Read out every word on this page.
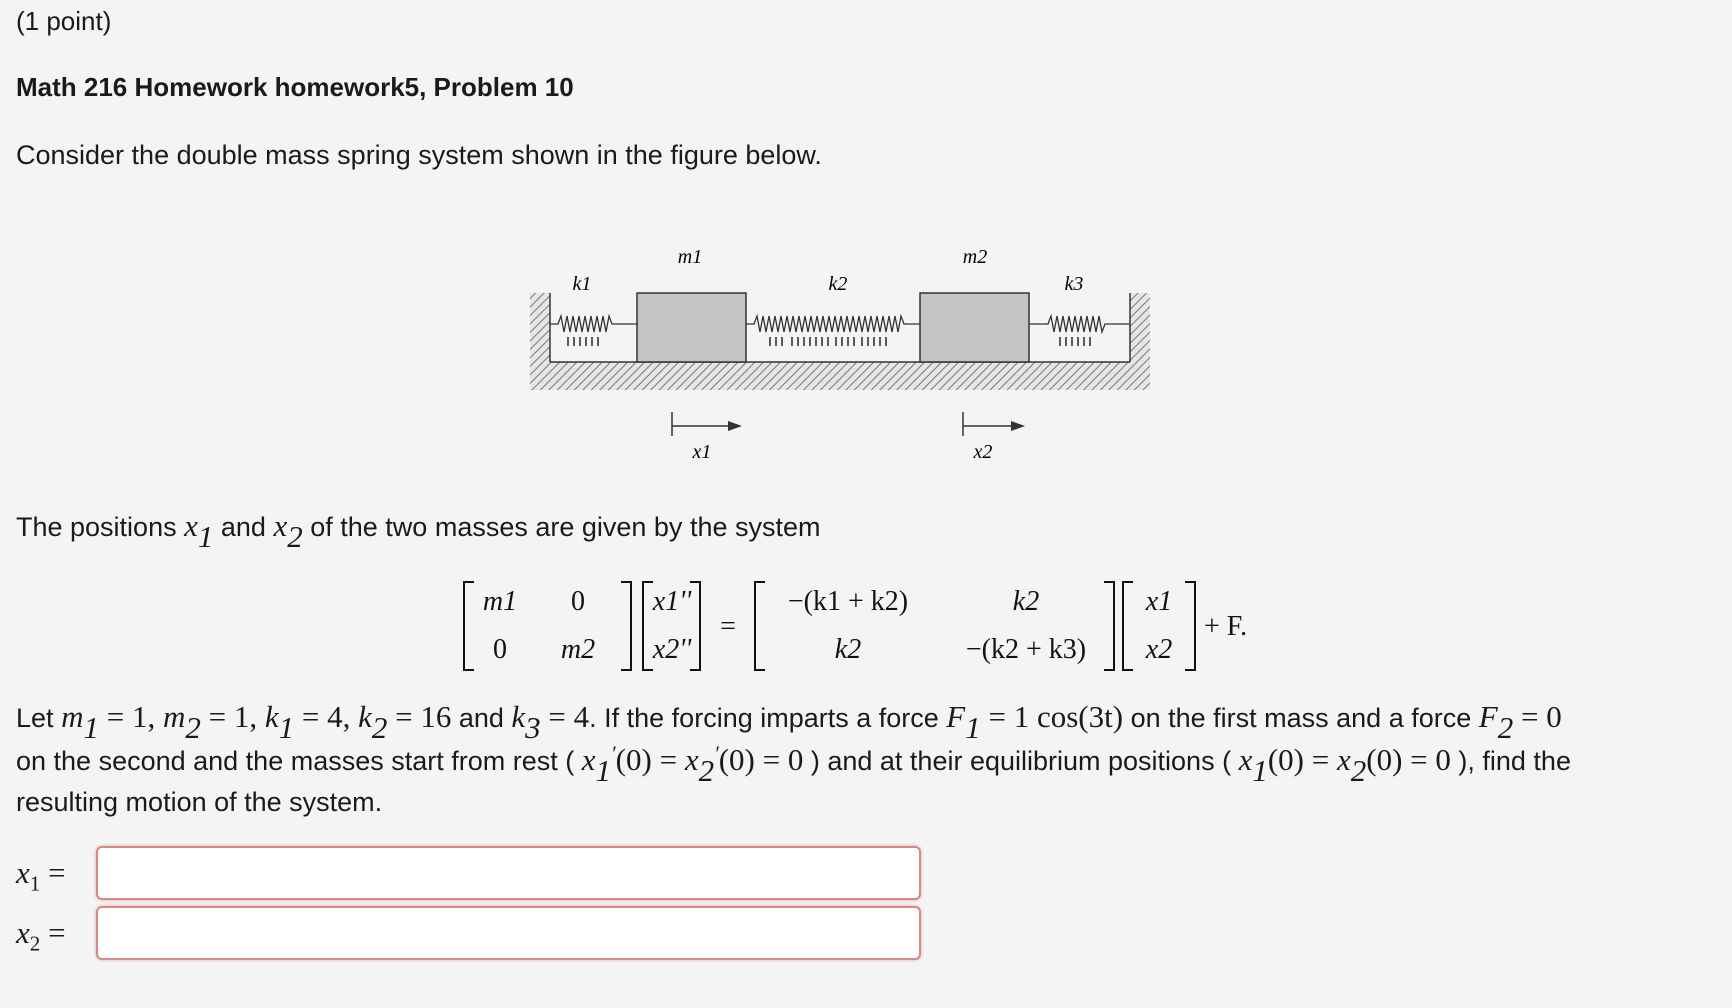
(1 point)
Math 216 Homework homework5, Problem 10
Consider the double mass spring system shown in the figure below.
m1	m2
k1	k2	k3
x1	x2
The positions $x_1$ and $x_2$ of the two masses are given by the system
m1 0
0 m2
x1''
x2''
=
−(k1 + k2)	k2
k2	−(k2 + k3)
x1
x2
+ F.
Let $m_1 = 1$, $m_2 = 1$, $k_1 = 4$, $k_2 = 16$ and $k_3 = 4$. If the forcing imparts a force $F_1 = 1$ cos(3t) on the first mass and a force $F_2 = 0$
on the second and the masses start from rest ( $x_1'(0) = x_2'(0) = 0$ ) and at their equilibrium positions ( $x_1(0) = x_2(0) = 0$ ), find the
resulting motion of the system.
$x_1$ =
$x_2$ =
